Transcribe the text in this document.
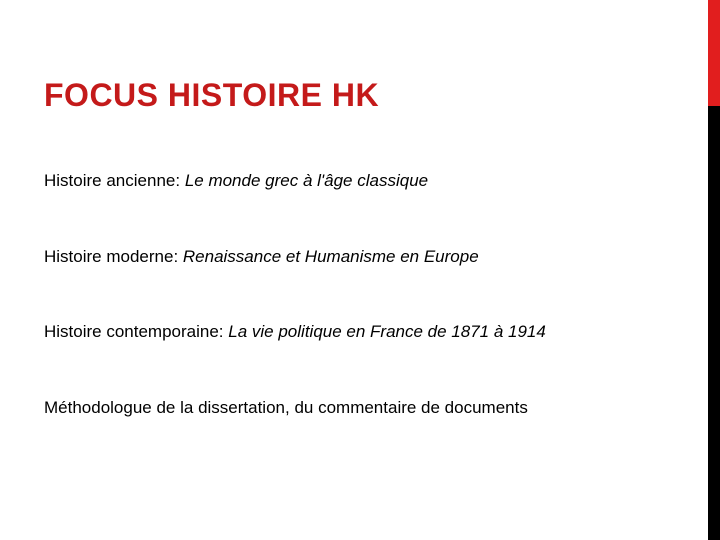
FOCUS HISTOIRE HK

Histoire ancienne: Le monde grec à l'âge classique

Histoire moderne: Renaissance et Humanisme en Europe

Histoire contemporaine: La vie politique en France de 1871 à 1914

Méthodologue de la dissertation, du commentaire de documents
